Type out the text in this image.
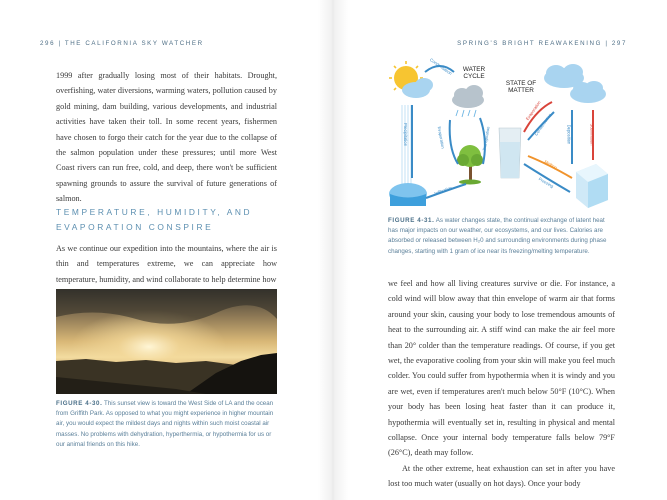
296 | THE CALIFORNIA SKY WATCHER

1999 after gradually losing most of their habitats. Drought, overfishing, water diversions, warming waters, pollution caused by gold mining, dam building, various developments, and industrial activities have taken their toll. In some recent years, fishermen have chosen to forgo their catch for the year due to the collapse of the salmon population under these pressures; until more West Coast rivers can run free, cold, and deep, there won't be sufficient spawning grounds to assure the survival of future generations of salmon.

TEMPERATURE, HUMIDITY, AND EVAPORATION CONSPIRE

As we continue our expedition into the mountains, where the air is thin and temperatures extreme, we can appreciate how temperature, humidity, and wind collaborate to help determine how

FIGURE 4-30. This sunset view is toward the West Side of LA and the ocean from Griffith Park. As opposed to what you might experience in higher mountain air, you would expect the mildest days and nights within such moist coastal air masses. No problems with dehydration, hyperthermia, or hypothermia for us or our animal friends on this hike.
SPRING'S BRIGHT REAWAKENING | 297
FIGURE 4-31. As water changes state, the continual exchange of latent heat has major impacts on our weather, our ecosystems, and our lives. Calories are absorbed or released between H₂0 and surrounding environments during phase changes, starting with 1 gram of ice near its freezing/melting temperature.

we feel and how all living creatures survive or die. For instance, a cold wind will blow away that thin envelope of warm air that forms around your skin, causing your body to lose tremendous amounts of heat to the surrounding air. A stiff wind can make the air feel more than 20° colder than the temperature readings. Of course, if you get wet, the evaporative cooling from your skin will make you feel much colder. You could suffer from hypothermia when it is windy and you are wet, even if temperatures aren't much below 50°F (10°C). When your body has been losing heat faster than it can produce it, hypothermia will eventually set in, resulting in physical and mental collapse. Once your internal body temperature falls below 79°F (26°C), death may follow.

At the other extreme, heat exhaustion can set in after you have lost too much water (usually on hot days). Once your body

WATER CYCLE
STATE OF MATTER
Condensation
Precipitation	Evaporation	Transpiration
Infiltration
Evaporation
Condensation	Deposition	Sublimation
Freezing
Melting
